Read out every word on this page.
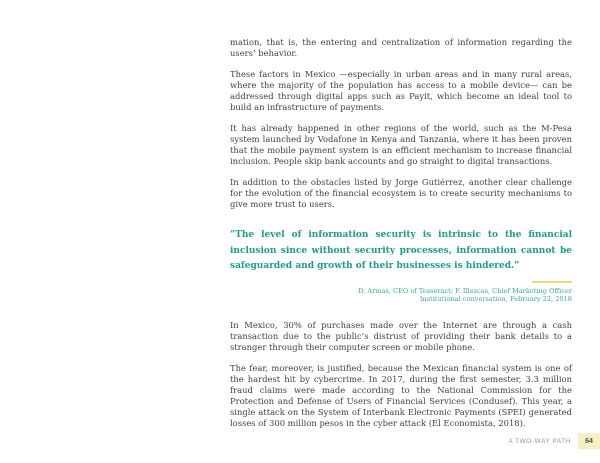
mation, that is, the entering and centralization of information regarding the users’ behavior.

These factors in Mexico —especially in urban areas and in many rural areas, where the majority of the population has access to a mobile device— can be addressed through digital apps such as Payit, which become an ideal tool to build an infrastructure of payments.

It has already happened in other regions of the world, such as the M-Pesa system launched by Vodafone in Kenya and Tanzania, where it has been proven that the mobile payment system is an efficient mechanism to increase financial inclusion. People skip bank accounts and go straight to digital transactions.

In addition to the obstacles listed by Jorge Gutiérrez, another clear challenge for the evolution of the financial ecosystem is to create security mechanisms to give more trust to users.

“The level of information security is intrinsic to the financial inclusion since without security processes, information cannot be safeguarded and growth of their businesses is hindered.”
D. Armas, CEO of Tesseract; F. Illescas, Chief Marketing Officer
Institutional conversation, February 22, 2018

In Mexico, 30% of purchases made over the Internet are through a cash transaction due to the public’s distrust of providing their bank details to a stranger through their computer screen or mobile phone.

The fear, moreover, is justified, because the Mexican financial system is one of the hardest hit by cybercrime. In 2017, during the first semester, 3.3 million fraud claims were made according to the National Commission for the Protection and Defense of Users of Financial Services (Condusef). This year, a single attack on the System of Interbank Electronic Payments (SPEI) generated losses of 300 million pesos in the cyber attack (El Economista, 2018).

A TWO-WAY PATH	64
